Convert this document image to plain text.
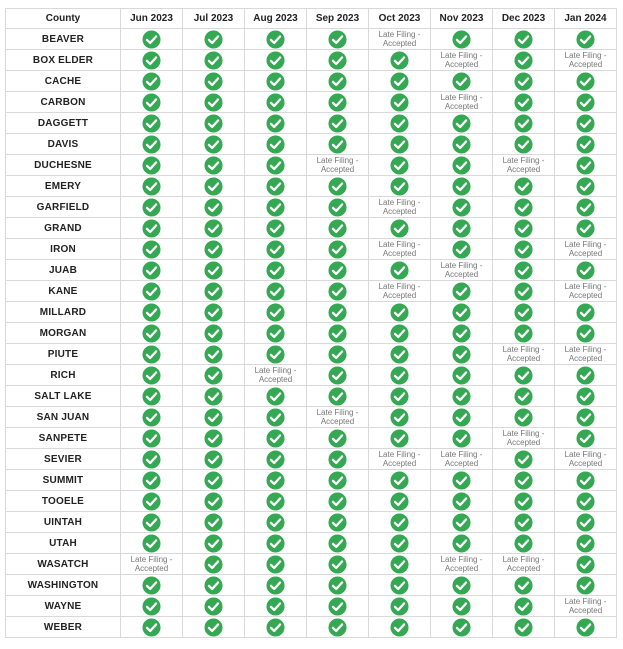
County	Jun 2023	Jul 2023	Aug 2023	Sep 2023	Oct 2023	Nov 2023	Dec 2023	Jan 2024
BEAVER					Late Filing - Accepted

BOX ELDER						Late Filing - Accepted		Late Filing - Accepted

CACHE								
CARBON						Late Filing - Accepted

DAGGETT								
DAVIS								
DUCHESNE				Late Filing - Accepted			Late Filing - Accepted

EMERY								
GARFIELD					Late Filing - Accepted

GRAND								
IRON					Late Filing - Accepted			Late Filing - Accepted

JUAB						Late Filing - Accepted

KANE					Late Filing - Accepted			Late Filing - Accepted

MILLARD								
MORGAN								
PIUTE							Late Filing - Accepted	Late Filing - Accepted

RICH			Late Filing - Accepted

SALT LAKE								
SAN JUAN				Late Filing - Accepted

SANPETE							Late Filing - Accepted

SEVIER					Late Filing - Accepted	Late Filing - Accepted		Late Filing - Accepted

SUMMIT								
TOOELE								
UINTAH								
UTAH								
WASATCH	Late Filing - Accepted					Late Filing - Accepted	Late Filing - Accepted

WASHINGTON								
WAYNE								Late Filing - Accepted

WEBER								
